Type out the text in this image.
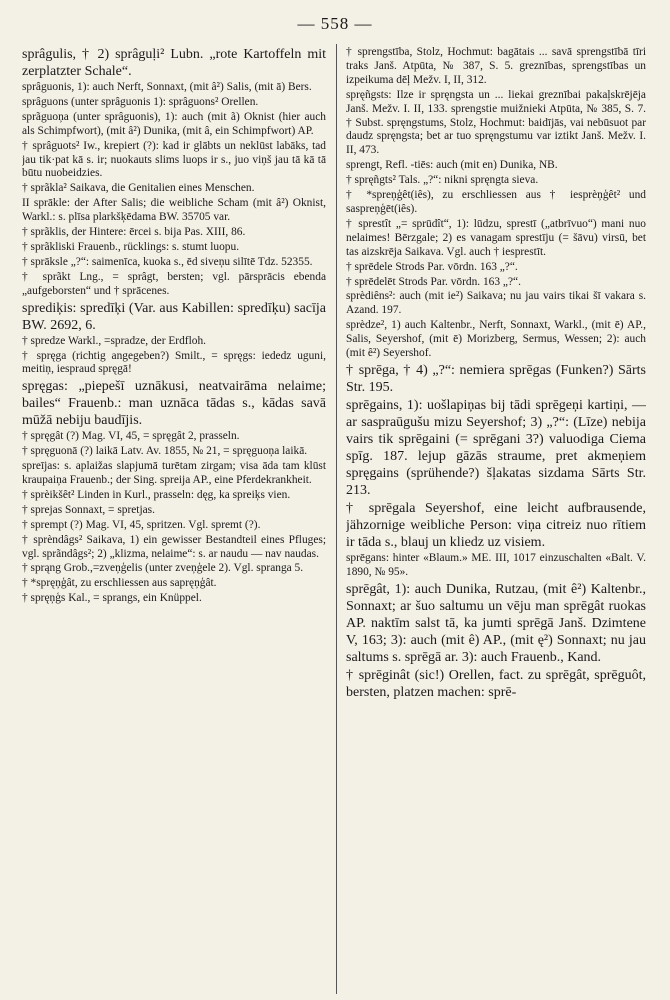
— 558 —

sprâgulis, † 2) sprâguḷi² Lubn. „rote Kartoffeln mit zerplatzter Schale“.

sprâguonis, 1): auch Nerft, Sonnaxt, (mit â²) Salis, (mit ā) Bers.

sprâguons (unter sprâguonis 1): sprâguons² Orellen.

sprãguoņa (unter sprâguonis), 1): auch (mit ã) Oknist (hier auch als Schimpfwort), (mit â²) Dunika, (mit â, ein Schimpfwort) AP.

† sprâguots² Iw., krepiert (?): kad ir glābts un neklūst labāks, tad jau tik·pat kā s. ir; nuokauts slims luops ir s., juo viņš jau tā kā tā būtu nuobeidzies.

† sprãkla² Saikava, die Genitalien eines Menschen.

II sprākle: der After Salis; die weibliche Scham (mit â²) Oknist, Warkl.: s. plīsa plarkšķēdama BW. 35705 var.

† sprãklis, der Hintere: ērcei s. bija Pas. XIII, 86.

† sprãkliski Frauenb., rücklings: s. stumt luopu.

† sprāksle „?“: saimenīca, kuoka s., ēd siveņu silītē Tdz. 52355.

† sprãkt Lng., = sprâgt, bersten; vgl. pārsprācis ebenda „aufgeborsten“ und † sprācenes.

sprediķis: spredīķi (Var. aus Kabillen: spredīķu) sacīja BW. 2692, 6.

† spredze Warkl., =spradze, der Erdfloh.

† spręga (richtig angegeben?) Smilt., = spręgs: iededz uguni, meitiņ, iespraud spręgā!

spręgas: „piepešī uznākusi, neatvairāma nelaime; bailes“ Frauenb.: man uznāca tādas s., kādas savā mūžā nebiju baudījis.

† spręgât (?) Mag. VI, 45, = spręgât 2, prasseln.

† spręguonā (?) laikā Latv. Av. 1855, № 21, = spręguoņa laikā.

spreījas: s. aplaižas slapjumā turētam zirgam; visa āda tam klūst kraupaiņa Frauenb.; der Sing. spreija AP., eine Pferdekrankheit.

† sprèikšêt² Linden in Kurl., prasseln: dęg, ka spreiķs vien.

† sprejas Sonnaxt, = spretjas.

† sprempt (?) Mag. VI, 45, spritzen. Vgl. spremt (?).

† sprèndâgs² Saikava, 1) ein gewisser Bestandteil eines Pfluges; vgl. sprãndâgs²; 2) „klizma, nelaime“: s. ar naudu — nav naudas.

† sprąng Grob.,=zveņģelis (unter zveņģele 2). Vgl. spranga 5.

† *spręņģât, zu erschliessen aus sapręņģât.

† spręņģs Kal., = sprangs, ein Knüppel.

† sprengstība, Stolz, Hochmut: bagātais ... savā sprengstībā tīri traks Janš. Atpūta, № 387, S. 5. greznības, sprengstības un izpeikuma dēļ Mežv. I, II, 312.

spręñgsts: Ilze ir spręngsta un ... liekai greznībai pakaļskrējēja Janš. Mežv. I. II, 133. sprengstie muižnieki Atpūta, № 385, S. 7. † Subst. spręngstums, Stolz, Hochmut: baidījās, vai nebūsuot par daudz spręngsta; bet ar tuo spręngstumu var iztikt Janš. Mežv. I. II, 473.

sprengt, Refl. -tiēs: auch (mit en) Dunika, NB.

† spręñgts² Tals. „?“: nikni spręngta sieva.

† *spreņģêt(iês), zu erschliessen aus † iesprèņģêt² und saspreņģēt(iês).

† sprestît „= sprūdît“, 1): lūdzu, sprestī („atbrīvuo“) mani nuo nelaimes! Bērzgale; 2) es vanagam sprestīju (= šāvu) virsū, bet tas aizskrēja Saikava. Vgl. auch † iesprestīt.

† sprēdele Strods Par. vōrdn. 163 „?“.

† sprēdelēt Strods Par. vōrdn. 163 „?“.

sprèdiêns²: auch (mit ie²) Saikava; nu jau vairs tikai šī vakara s. Azand. 197.

sprèdze², 1) auch Kaltenbr., Nerft, Sonnaxt, Warkl., (mit ē) AP., Salis, Seyershof, (mit ē) Morizberg, Sermus, Wessen; 2): auch (mit ê²) Seyershof.

† sprēga, † 4) „?“: nemiera sprēgas (Funken?) Sārts Str. 195.

sprēgains, 1): uošlapiņas bij tādi sprēgeņi kartiņi, — ar saspraūgušu mizu Seyershof; 3) „?“: (Līze) nebija vairs tik sprēgaini (= sprēgani 3?) valuodiga Ciema spīg. 187. lejup gāzās straume, pret akmeņiem spręgains (sprühende?) šļakatas sizdama Sārts Str. 213.

† sprēgala Seyershof, eine leicht aufbrausende, jähzornige weibliche Person: viņa citreiz nuo rītiem ir tāda s., blauj un kliedz uz visiem.

sprēgans: hinter «Blaum.» ME. III, 1017 einzuschalten «Balt. V. 1890, № 95».

sprēgât, 1): auch Dunika, Rutzau, (mit ê²) Kaltenbr., Sonnaxt; ar šuo saltumu un vēju man sprēgât ruokas AP. naktīm salst tā, ka jumti sprēgā Janš. Dzimtene V, 163; 3): auch (mit ê) AP., (mit ę²) Sonnaxt; nu jau saltums s. sprēgā ar. 3): auch Frauenb., Kand.

† sprēginât (sic!) Orellen, fact. zu sprēgât, sprēguôt, bersten, platzen machen: sprē-
